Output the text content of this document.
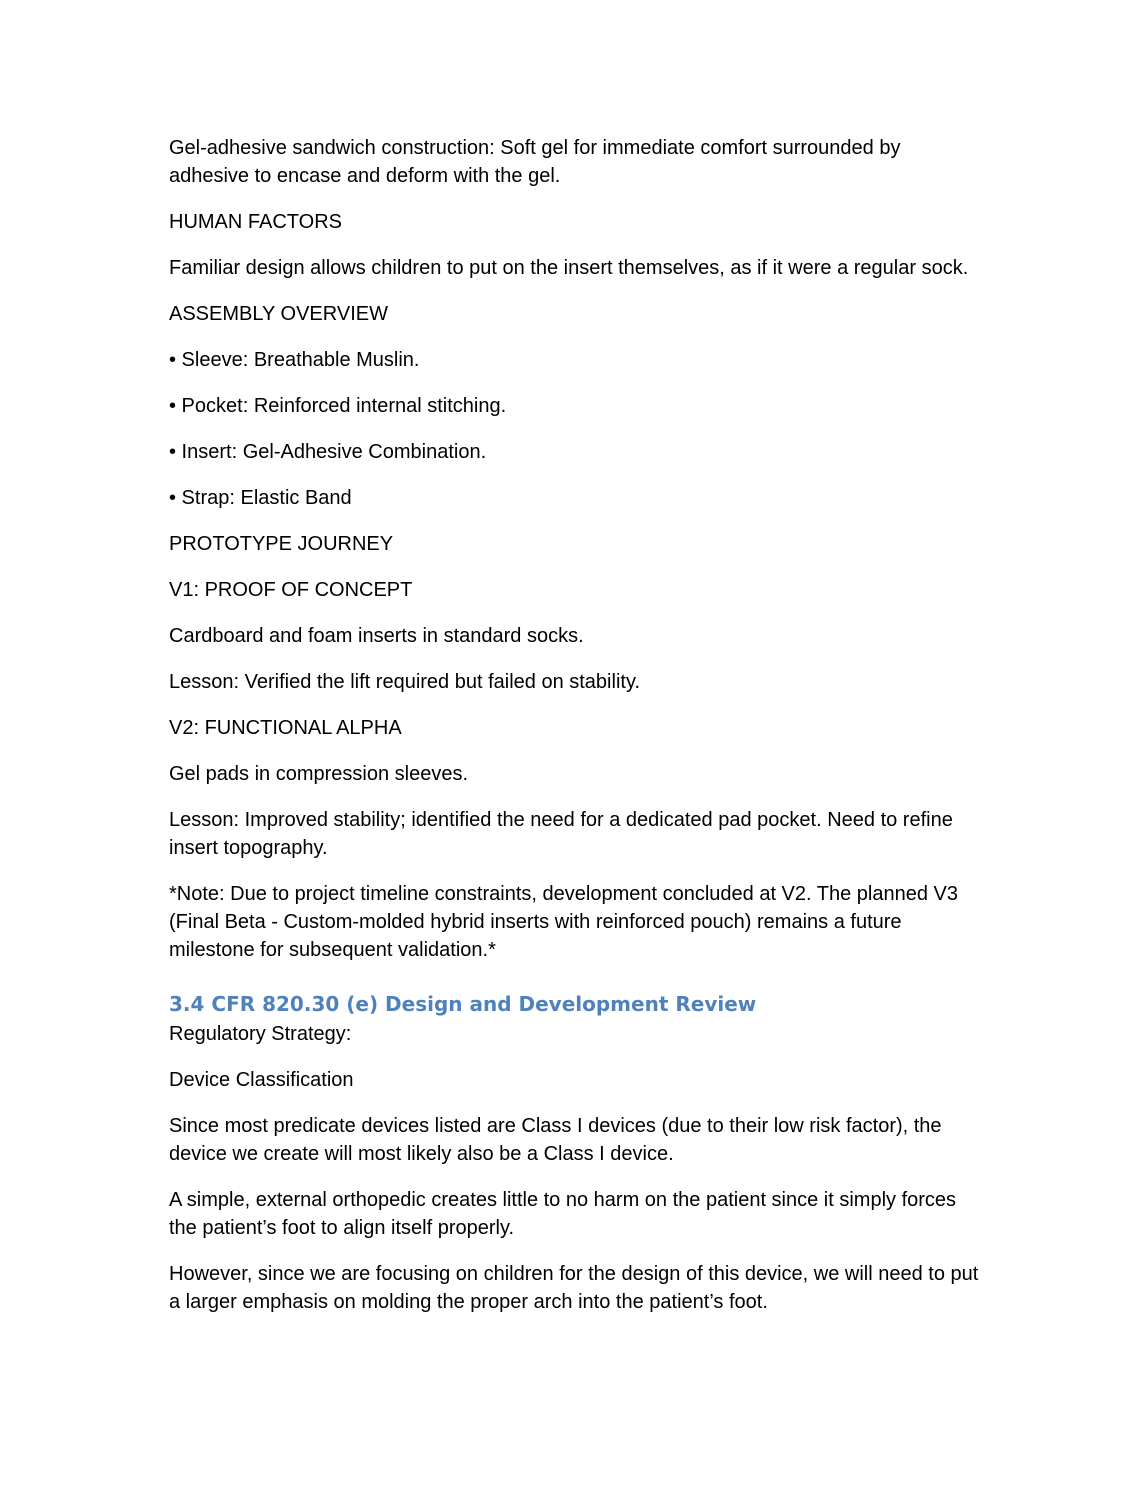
Gel-adhesive sandwich construction: Soft gel for immediate comfort surrounded by adhesive to encase and deform with the gel.

HUMAN FACTORS

Familiar design allows children to put on the insert themselves, as if it were a regular sock.

ASSEMBLY OVERVIEW

• Sleeve: Breathable Muslin.

• Pocket: Reinforced internal stitching.

• Insert: Gel-Adhesive Combination.

• Strap: Elastic Band

PROTOTYPE JOURNEY

V1: PROOF OF CONCEPT

Cardboard and foam inserts in standard socks.

Lesson: Verified the lift required but failed on stability.

V2: FUNCTIONAL ALPHA

Gel pads in compression sleeves.

Lesson: Improved stability; identified the need for a dedicated pad pocket. Need to refine insert topography.

*Note: Due to project timeline constraints, development concluded at V2. The planned V3 (Final Beta - Custom-molded hybrid inserts with reinforced pouch) remains a future milestone for subsequent validation.*

3.4 CFR 820.30 (e) Design and Development Review

Regulatory Strategy:

Device Classification

Since most predicate devices listed are Class I devices (due to their low risk factor), the device we create will most likely also be a Class I device.

A simple, external orthopedic creates little to no harm on the patient since it simply forces the patient’s foot to align itself properly.

However, since we are focusing on children for the design of this device, we will need to put a larger emphasis on molding the proper arch into the patient’s foot.
